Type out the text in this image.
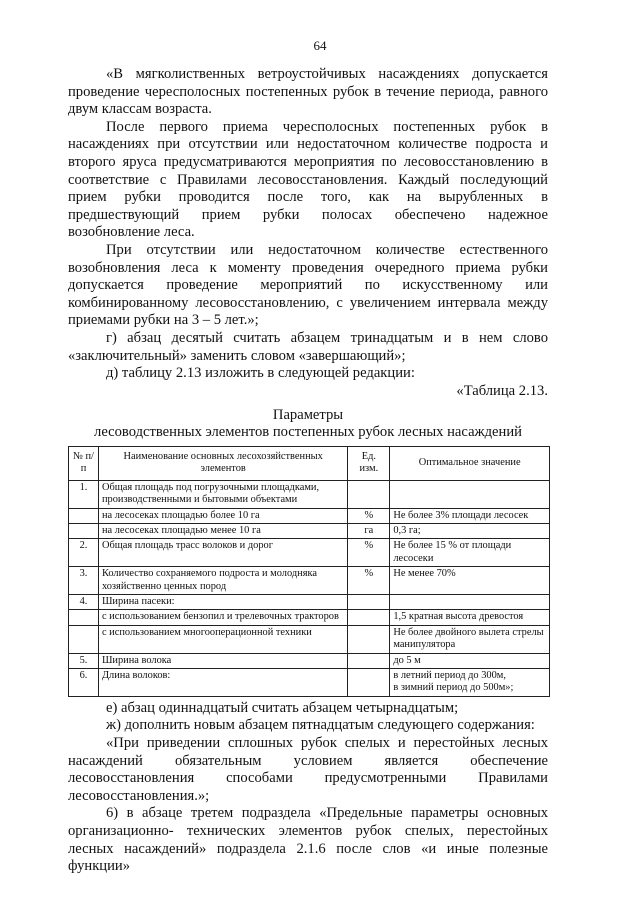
64
«В мягколиственных ветроустойчивых насаждениях допускается проведение чересполосных постепенных рубок в течение периода, равного двум классам возраста.
После первого приема чересполосных постепенных рубок в насаждениях при отсутствии или недостаточном количестве подроста и второго яруса предусматриваются мероприятия по лесовосстановлению в соответствие с Правилами лесовосстановления. Каждый последующий прием рубки проводится после того, как на вырубленных в предшествующий прием рубки полосах обеспечено надежное возобновление леса.
При отсутствии или недостаточном количестве естественного возобновления леса к моменту проведения очередного приема рубки допускается проведение мероприятий по искусственному или комбинированному лесовосстановлению, с увеличением интервала между приемами рубки на 3 – 5 лет.»;
г) абзац десятый считать абзацем тринадцатым и в нем слово «заключительный» заменить словом «завершающий»;
д) таблицу 2.13 изложить в следующей редакции:
«Таблица 2.13.
Параметры
лесоводственных элементов постепенных рубок лесных насаждений
№ п/п	Наименование основных лесохозяйственных элементов	Ед. изм.	Оптимальное значение
1.	Общая площадь под погрузочными площадками, производственными и бытовыми объектами		
	на лесосеках площадью более 10 га	%	Не более 3% площади лесосек
	на лесосеках площадью менее 10 га	га	0,3 га;
2.	Общая площадь трасс волоков и дорог	%	Не более 15 % от площади лесосеки
3.	Количество сохраняемого подроста и молодняка хозяйственно ценных пород	%	Не менее 70%
4.	Ширина пасеки:		
	с использованием бензопил и трелевочных тракторов		1,5 кратная высота древостоя
	с использованием многооперационной техники		Не более двойного вылета стрелы манипулятора
5.	Ширина волока		до 5 м
6.	Длина волоков:		в летний период до 300м,
в зимний период до 500м»;
е) абзац одиннадцатый считать абзацем четырнадцатым;
ж) дополнить новым абзацем пятнадцатым следующего содержания:
«При приведении сплошных рубок спелых и перестойных лесных насаждений обязательным условием является обеспечение лесовосстановления способами предусмотренными Правилами лесовосстановления.»;
6) в абзаце третем подраздела «Предельные параметры основных организационно- технических элементов рубок спелых, перестойных лесных насаждений» подраздела 2.1.6 после слов «и иные полезные функции»
